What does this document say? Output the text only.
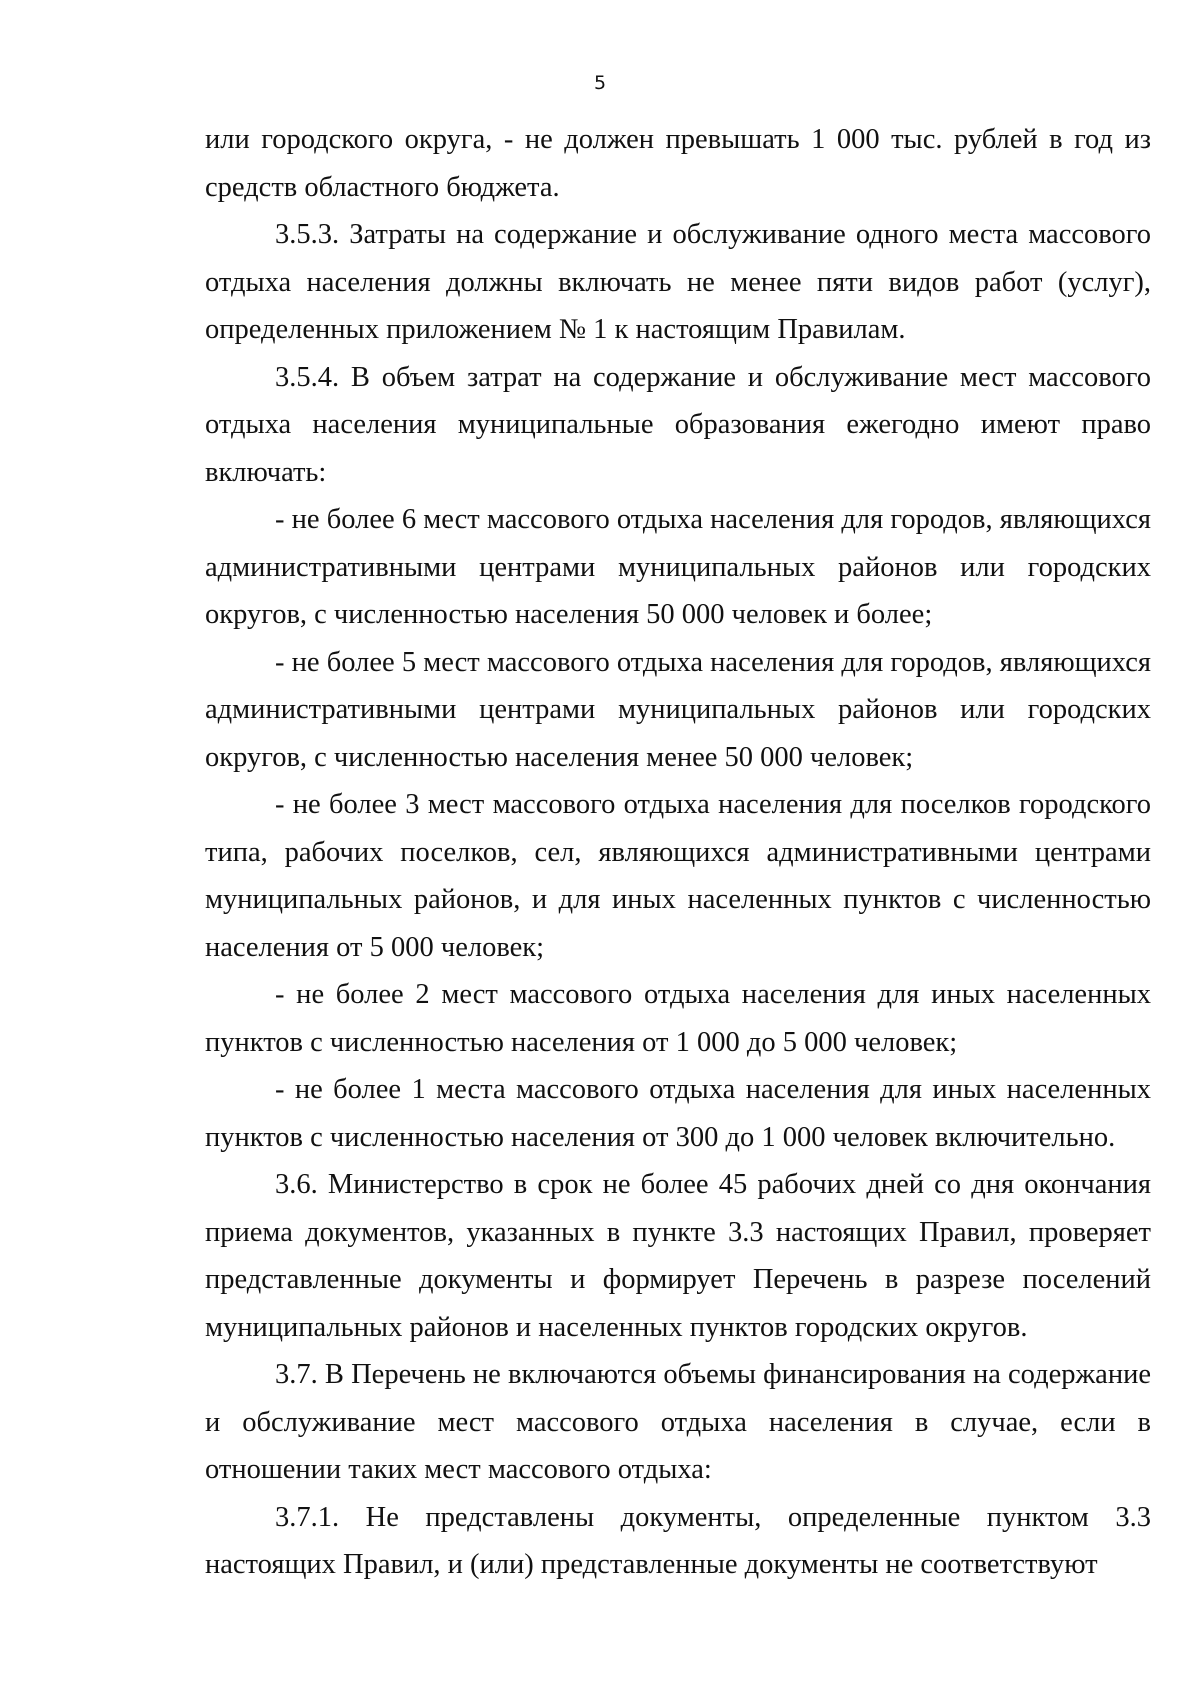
5

или городского округа, - не должен превышать 1 000 тыс. рублей в год из средств областного бюджета.

3.5.3. Затраты на содержание и обслуживание одного места массового отдыха населения должны включать не менее пяти видов работ (услуг), определенных приложением № 1 к настоящим Правилам.

3.5.4. В объем затрат на содержание и обслуживание мест массового отдыха населения муниципальные образования ежегодно имеют право включать:

- не более 6 мест массового отдыха населения для городов, являющихся административными центрами муниципальных районов или городских округов, с численностью населения 50 000 человек и более;

- не более 5 мест массового отдыха населения для городов, являющихся административными центрами муниципальных районов или городских округов, с численностью населения менее 50 000 человек;

- не более 3 мест массового отдыха населения для поселков городского типа, рабочих поселков, сел, являющихся административными центрами муниципальных районов, и для иных населенных пунктов с численностью населения от 5 000 человек;

- не более 2 мест массового отдыха населения для иных населенных пунктов с численностью населения от 1 000 до 5 000 человек;

- не более 1 места массового отдыха населения для иных населенных пунктов с численностью населения от 300 до 1 000 человек включительно.

3.6. Министерство в срок не более 45 рабочих дней со дня окончания приема документов, указанных в пункте 3.3 настоящих Правил, проверяет представленные документы и формирует Перечень в разрезе поселений муниципальных районов и населенных пунктов городских округов.

3.7. В Перечень не включаются объемы финансирования на содержание и обслуживание мест массового отдыха населения в случае, если в отношении таких мест массового отдыха:

3.7.1. Не представлены документы, определенные пунктом 3.3 настоящих Правил, и (или) представленные документы не соответствуют
